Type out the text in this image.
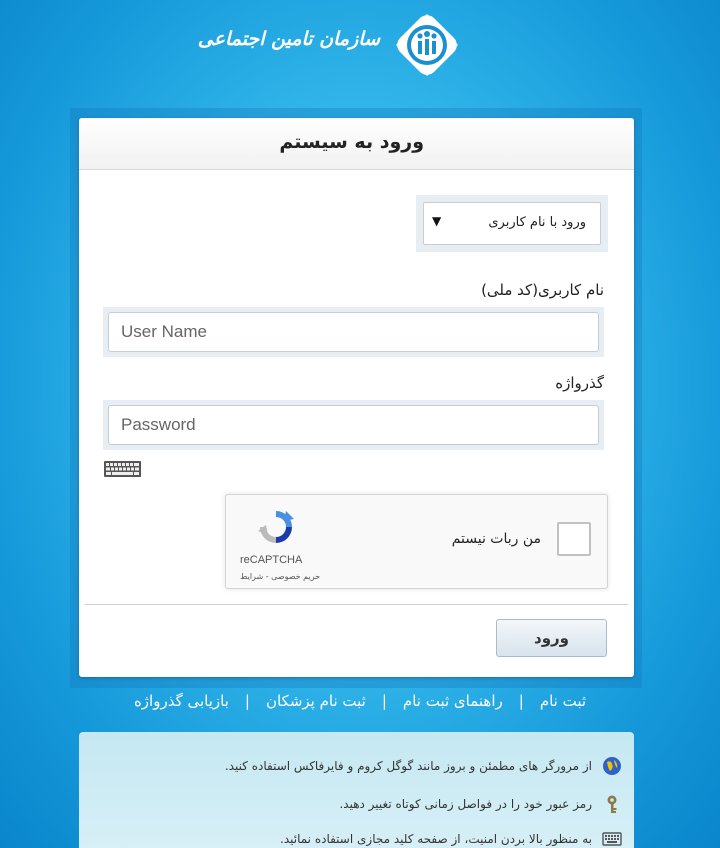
سازمان تامین اجتماعی
ورود به سیستم
ورود با نام کاربری
▼
نام کاربری(کد ملی)
User Name
گذرواژه
من ربات نیستم
reCAPTCHA
حریم خصوصی - شرایط
ورود
ثبت نام
|
راهنمای ثبت نام
|
ثبت نام پزشکان
|
بازیابی گذرواژه
از مرورگر های مطمئن و بروز مانند گوگل کروم و فایرفاکس استفاده کنید.
رمز عبور خود را در فواصل زمانی کوتاه تغییر دهید.
به منظور بالا بردن امنیت، از صفحه کلید مجازی استفاده نمائید.
